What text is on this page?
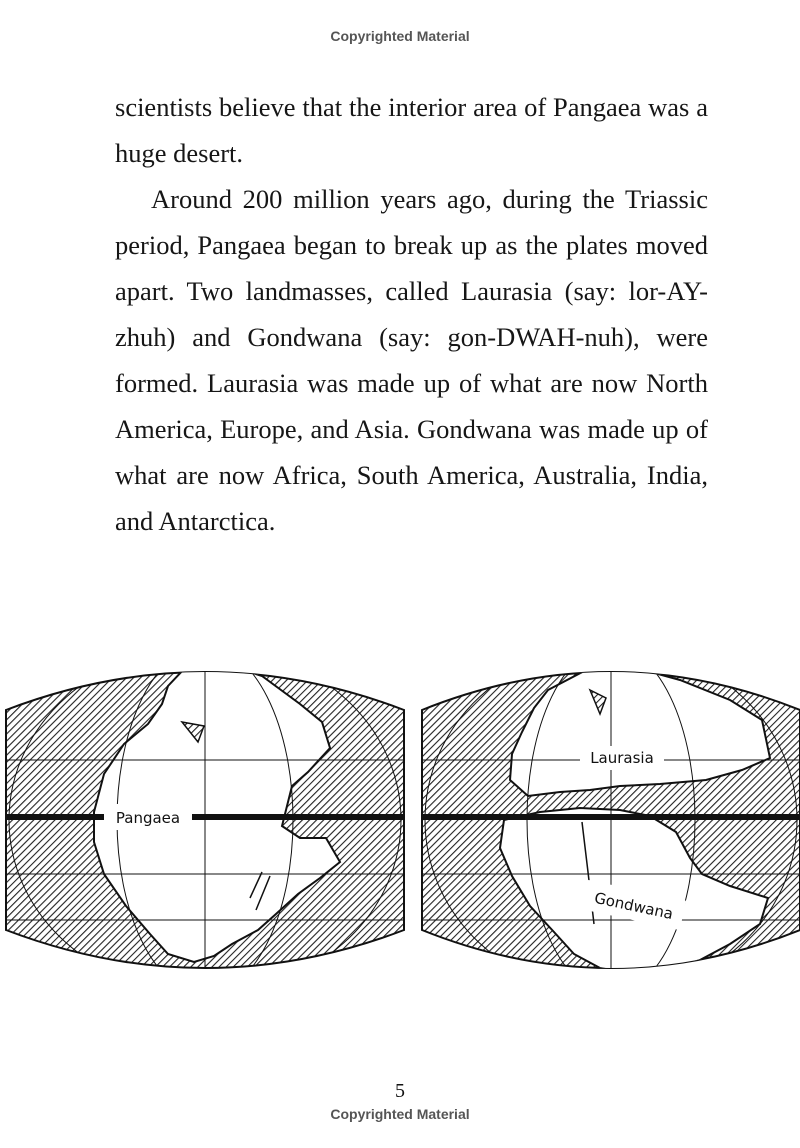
Copyrighted Material

scientists believe that the interior area of Pangaea was a huge desert.

Around 200 million years ago, during the Triassic period, Pangaea began to break up as the plates moved apart. Two landmasses, called Laurasia (say: lor-AY-zhuh) and Gondwana (say: gon-DWAH-nuh), were formed. Laurasia was made up of what are now North America, Europe, and Asia. Gondwana was made up of what are now Africa, South America, Australia, India, and Antarctica.

Pangaea
Laurasia
Gondwana
5
Copyrighted Material
